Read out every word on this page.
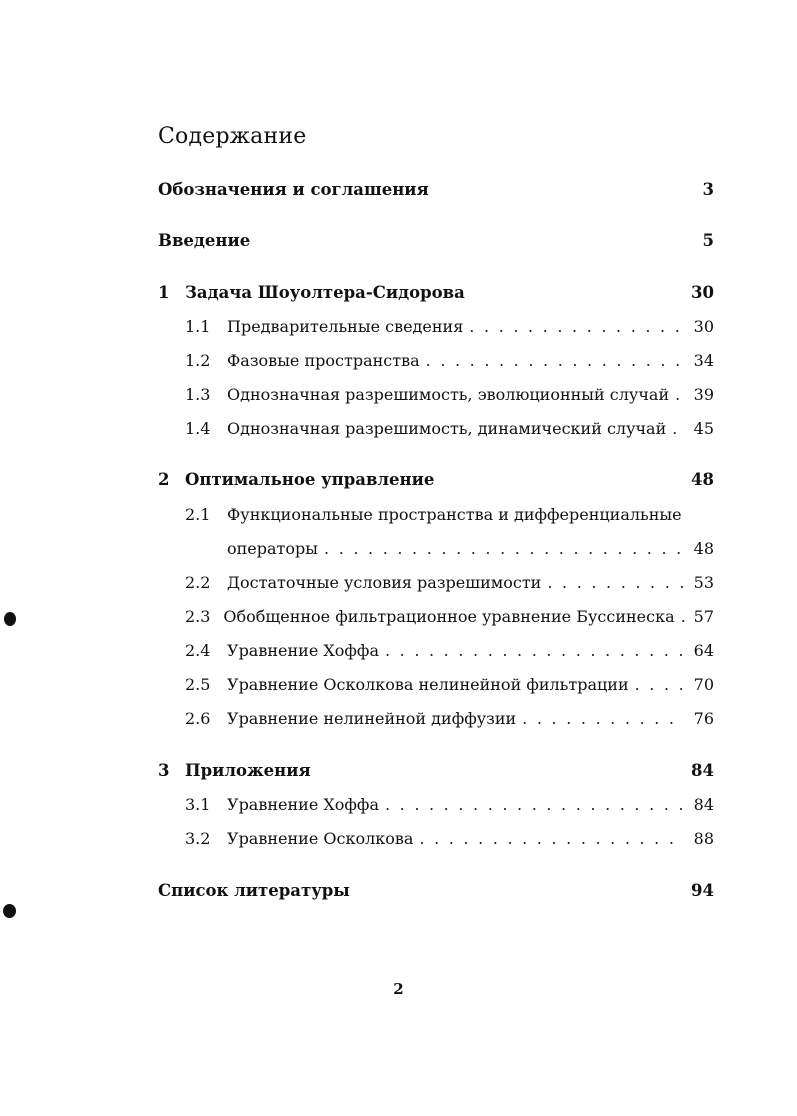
Содержание
Обозначения и соглашения	3
Введение	5
1 Задача Шоуолтера-Сидорова	30
1.1	Предварительные сведения . . .	30
1.2	Фазовые пространства . . .	34
1.3	Однозначная разрешимость, эволюционный случай . . .	39
1.4	Однозначная разрешимость, динамический случай . . .	45
2 Оптимальное управление	48
2.1	Функциональные пространства и дифференциальные
операторы . . .	48
2.2	Достаточные условия разрешимости . . .	53
2.3 Обобщенное фильтрационное уравнение Буссинеска . . .	57
2.4	Уравнение Хоффа . . .	64
2.5	Уравнение Осколкова нелинейной фильтрации . . .	70
2.6	Уравнение нелинейной диффузии . . .	76
3 Приложения	84
3.1	Уравнение Хоффа . . .	84
3.2	Уравнение Осколкова . . .	88
Список литературы	94
2
